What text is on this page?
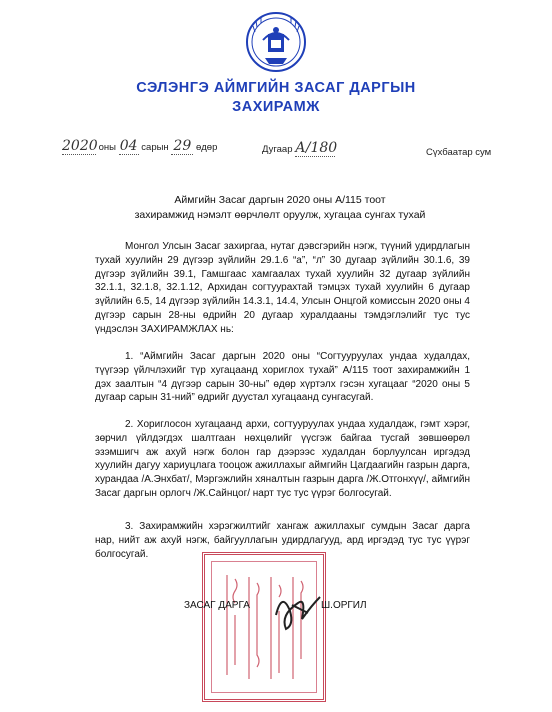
СЭЛЭНГЭ АЙМГИЙН ЗАСАГ ДАРГЫН
ЗАХИРАМЖ
2020 оны 04 сарын 29 өдөр	Дугаар А/180	Сүхбаатар сум
Аймгийн Засаг даргын 2020 оны А/115 тоот
захирамжид нэмэлт өөрчлөлт оруулж, хугацаа сунгах тухай
Монгол Улсын Засаг захиргаа, нутаг дэвсгэрийн нэгж, түүний удирдлагын тухай хуулийн 29 дүгээр зүйлийн 29.1.6 “а”, “л” 30 дугаар зүйлийн 30.1.6, 39 дүгээр зүйлийн 39.1, Гамшгаас хамгаалах тухай хуулийн 32 дугаар зүйлийн 32.1.1, 32.1.8, 32.1.12, Архидан согтуурахтай тэмцэх тухай хуулийн 6 дугаар зүйлийн 6.5, 14 дүгээр зүйлийн 14.3.1, 14.4, Улсын Онцгой комиссын 2020 оны 4 дүгээр сарын 28-ны өдрийн 20 дугаар хуралдааны тэмдэглэлийг тус тус үндэслэн ЗАХИРАМЖЛАХ нь:
1. “Аймгийн Засаг даргын 2020 оны “Согтууруулах ундаа худалдах, түүгээр үйлчлэхийг түр хугацаанд хориглох тухай” А/115 тоот захирамжийн 1 дэх заалтын “4 дүгээр сарын 30-ны” өдөр хүртэлх гэсэн хугацааг “2020 оны 5 дугаар сарын 31-ний” өдрийг дуустал хугацаанд сунгасугай.
2. Хориглосон хугацаанд архи, согтууруулах ундаа худалдаж, гэмт хэрэг, зөрчил үйлдэгдэх шалтгаан нөхцөлийг үүсгэж байгаа тусгай зөвшөөрөл эзэмшигч аж ахуй нэгж болон гар дээрээс худалдан борлуулсан иргэдэд хуулийн дагуу хариуцлага тооцож ажиллахыг аймгийн Цагдаагийн газрын дарга, хурандаа /А.Энхбат/, Мэргэжлийн хяналтын газрын дарга /Ж.Отгонхүү/, аймгийн Засаг даргын орлогч /Ж.Сайнцог/ нарт тус тус үүрэг болгосугай.
3. Захирамжийн хэрэгжилтийг хангаж ажиллахыг сумдын Засаг дарга нар, нийт аж ахуй нэгж, байгууллагын удирдлагууд, ард иргэдэд тус тус үүрэг болгосугай.
ЗАСАГ ДАРГА	Ш.ОРГИЛ
